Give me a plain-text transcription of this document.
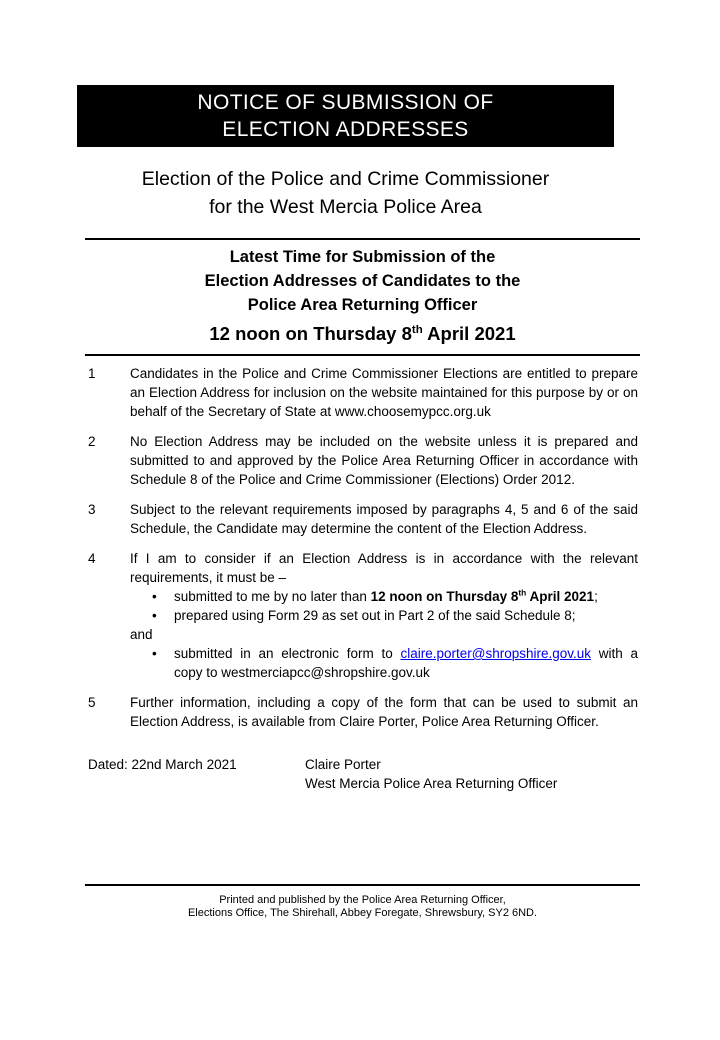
NOTICE OF SUBMISSION OF
ELECTION ADDRESSES
Election of the Police and Crime Commissioner
for the West Mercia Police Area
Latest Time for Submission of the
Election Addresses of Candidates to the
Police Area Returning Officer
12 noon on Thursday 8th April 2021
1	Candidates in the Police and Crime Commissioner Elections are entitled to prepare an Election Address for inclusion on the website maintained for this purpose by or on behalf of the Secretary of State at www.choosemypcc.org.uk
2	No Election Address may be included on the website unless it is prepared and submitted to and approved by the Police Area Returning Officer in accordance with Schedule 8 of the Police and Crime Commissioner (Elections) Order 2012.
3	Subject to the relevant requirements imposed by paragraphs 4, 5 and 6 of the said Schedule, the Candidate may determine the content of the Election Address.
4	If I am to consider if an Election Address is in accordance with the relevant requirements, it must be –
•	submitted to me by no later than 12 noon on Thursday 8th April 2021;
•	prepared using Form 29 as set out in Part 2 of the said Schedule 8;
and
•	submitted in an electronic form to claire.porter@shropshire.gov.uk with a copy to westmerciapcc@shropshire.gov.uk
5	Further information, including a copy of the form that can be used to submit an Election Address, is available from Claire Porter, Police Area Returning Officer.
Dated: 22nd March 2021	Claire Porter
West Mercia Police Area Returning Officer
Printed and published by the Police Area Returning Officer,
Elections Office, The Shirehall, Abbey Foregate, Shrewsbury, SY2 6ND.
